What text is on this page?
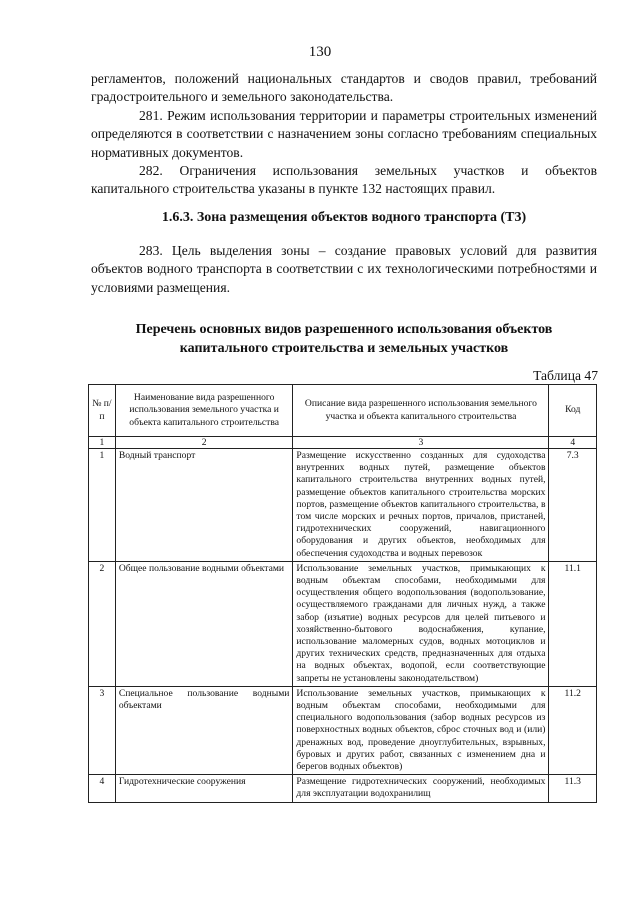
130

регламентов, положений национальных стандартов и сводов правил, требований градостроительного и земельного законодательства.

281. Режим использования территории и параметры строительных изменений определяются в соответствии с назначением зоны согласно требованиям специальных нормативных документов.

282. Ограничения использования земельных участков и объектов капитального строительства указаны в пункте 132 настоящих правил.

1.6.3. Зона размещения объектов водного транспорта (Т3)

283. Цель выделения зоны – создание правовых условий для развития объектов водного транспорта в соответствии с их технологическими потребностями и условиями размещения.

Перечень основных видов разрешенного использования объектов капитального строительства и земельных участков
Таблица 47
№ п/п	Наименование вида разрешенного использования земельного участка и объекта капитального строительства	Описание вида разрешенного использования земельного участка и объекта капитального строительства	Код
1	2	3	4
1	Водный транспорт	Размещение искусственно созданных для судоходства внутренних водных путей, размещение объектов капитального строительства внутренних водных путей, размещение объектов капитального строительства морских портов, размещение объектов капитального строительства, в том числе морских и речных портов, причалов, пристаней, гидротехнических сооружений, навигационного оборудования и других объектов, необходимых для обеспечения судоходства и водных перевозок	7.3
2	Общее пользование водными объектами	Использование земельных участков, примыкающих к водным объектам способами, необходимыми для осуществления общего водопользования (водопользование, осуществляемого гражданами для личных нужд, а также забор (изъятие) водных ресурсов для целей питьевого и хозяйственно-бытового водоснабжения, купание, использование маломерных судов, водных мотоциклов и других технических средств, предназначенных для отдыха на водных объектах, водопой, если соответствующие запреты не установлены законодательством)	11.1
3	Специальное пользование водными объектами	Использование земельных участков, примыкающих к водным объектам способами, необходимыми для специального водопользования (забор водных ресурсов из поверхностных водных объектов, сброс сточных вод и (или) дренажных вод, проведение дноуглубительных, взрывных, буровых и других работ, связанных с изменением дна и берегов водных объектов)	11.2
4	Гидротехнические сооружения	Размещение гидротехнических сооружений, необходимых для эксплуатации водохранилищ	11.3
